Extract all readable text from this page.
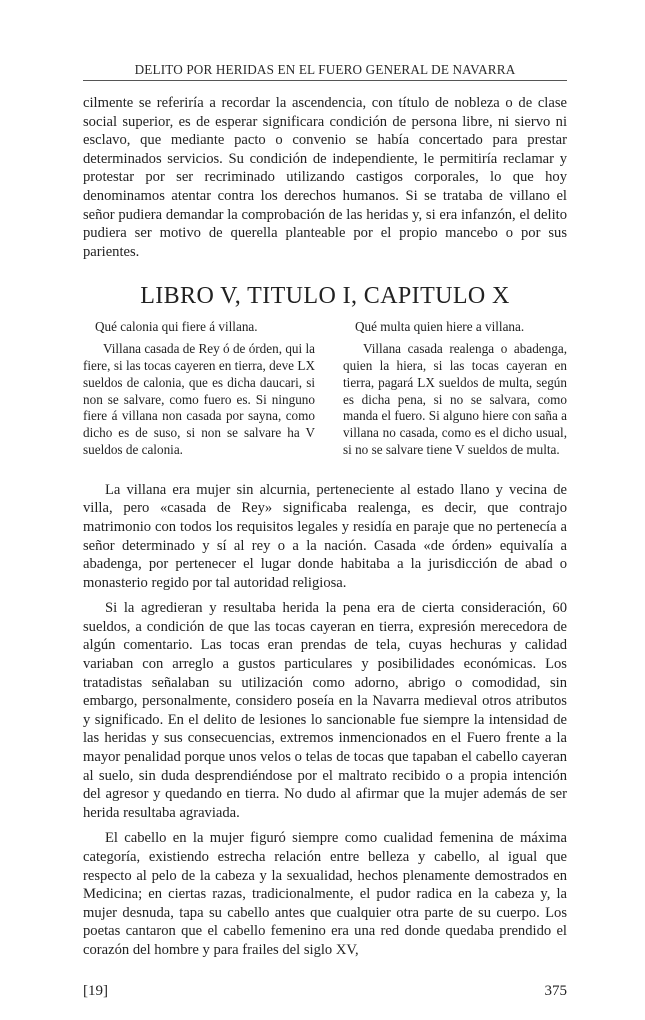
DELITO POR HERIDAS EN EL FUERO GENERAL DE NAVARRA

cilmente se referiría a recordar la ascendencia, con título de nobleza o de clase social superior, es de esperar significara condición de persona libre, ni siervo ni esclavo, que mediante pacto o convenio se había concertado para prestar determinados servicios. Su condición de independiente, le permitiría reclamar y protestar por ser recriminado utilizando castigos corporales, lo que hoy denominamos atentar contra los derechos humanos. Si se trataba de villano el señor pudiera demandar la comprobación de las heridas y, si era infanzón, el delito pudiera ser motivo de querella planteable por el propio mancebo o por sus parientes.

LIBRO V, TITULO I, CAPITULO X

Qué calonia qui fiere á villana.

Villana casada de Rey ó de órden, qui la fiere, si las tocas cayeren en tierra, deve LX sueldos de calonia, que es dicha daucari, si non se salvare, como fuero es. Si ninguno fiere á villana non casada por sayna, como dicho es de suso, si non se salvare ha V sueldos de calonia.

Qué multa quien hiere a villana.

Villana casada realenga o abadenga, quien la hiera, si las tocas cayeran en tierra, pagará LX sueldos de multa, según es dicha pena, si no se salvara, como manda el fuero. Si alguno hiere con saña a villana no casada, como es el dicho usual, si no se salvare tiene V sueldos de multa.

La villana era mujer sin alcurnia, perteneciente al estado llano y vecina de villa, pero «casada de Rey» significaba realenga, es decir, que contrajo matrimonio con todos los requisitos legales y residía en paraje que no pertenecía a señor determinado y sí al rey o a la nación. Casada «de órden» equivalía a abadenga, por pertenecer el lugar donde habitaba a la jurisdicción de abad o monasterio regido por tal autoridad religiosa.

Si la agredieran y resultaba herida la pena era de cierta consideración, 60 sueldos, a condición de que las tocas cayeran en tierra, expresión merecedora de algún comentario. Las tocas eran prendas de tela, cuyas hechuras y calidad variaban con arreglo a gustos particulares y posibilidades económicas. Los tratadistas señalaban su utilización como adorno, abrigo o comodidad, sin embargo, personalmente, considero poseía en la Navarra medieval otros atributos y significado. En el delito de lesiones lo sancionable fue siempre la intensidad de las heridas y sus consecuencias, extremos inmencionados en el Fuero frente a la mayor penalidad porque unos velos o telas de tocas que tapaban el cabello cayeran al suelo, sin duda desprendiéndose por el maltrato recibido o a propia intención del agresor y quedando en tierra. No dudo al afirmar que la mujer además de ser herida resultaba agraviada.

El cabello en la mujer figuró siempre como cualidad femenina de máxima categoría, existiendo estrecha relación entre belleza y cabello, al igual que respecto al pelo de la cabeza y la sexualidad, hechos plenamente demostrados en Medicina; en ciertas razas, tradicionalmente, el pudor radica en la cabeza y, la mujer desnuda, tapa su cabello antes que cualquier otra parte de su cuerpo. Los poetas cantaron que el cabello femenino era una red donde quedaba prendido el corazón del hombre y para frailes del siglo XV,

[19]	375
